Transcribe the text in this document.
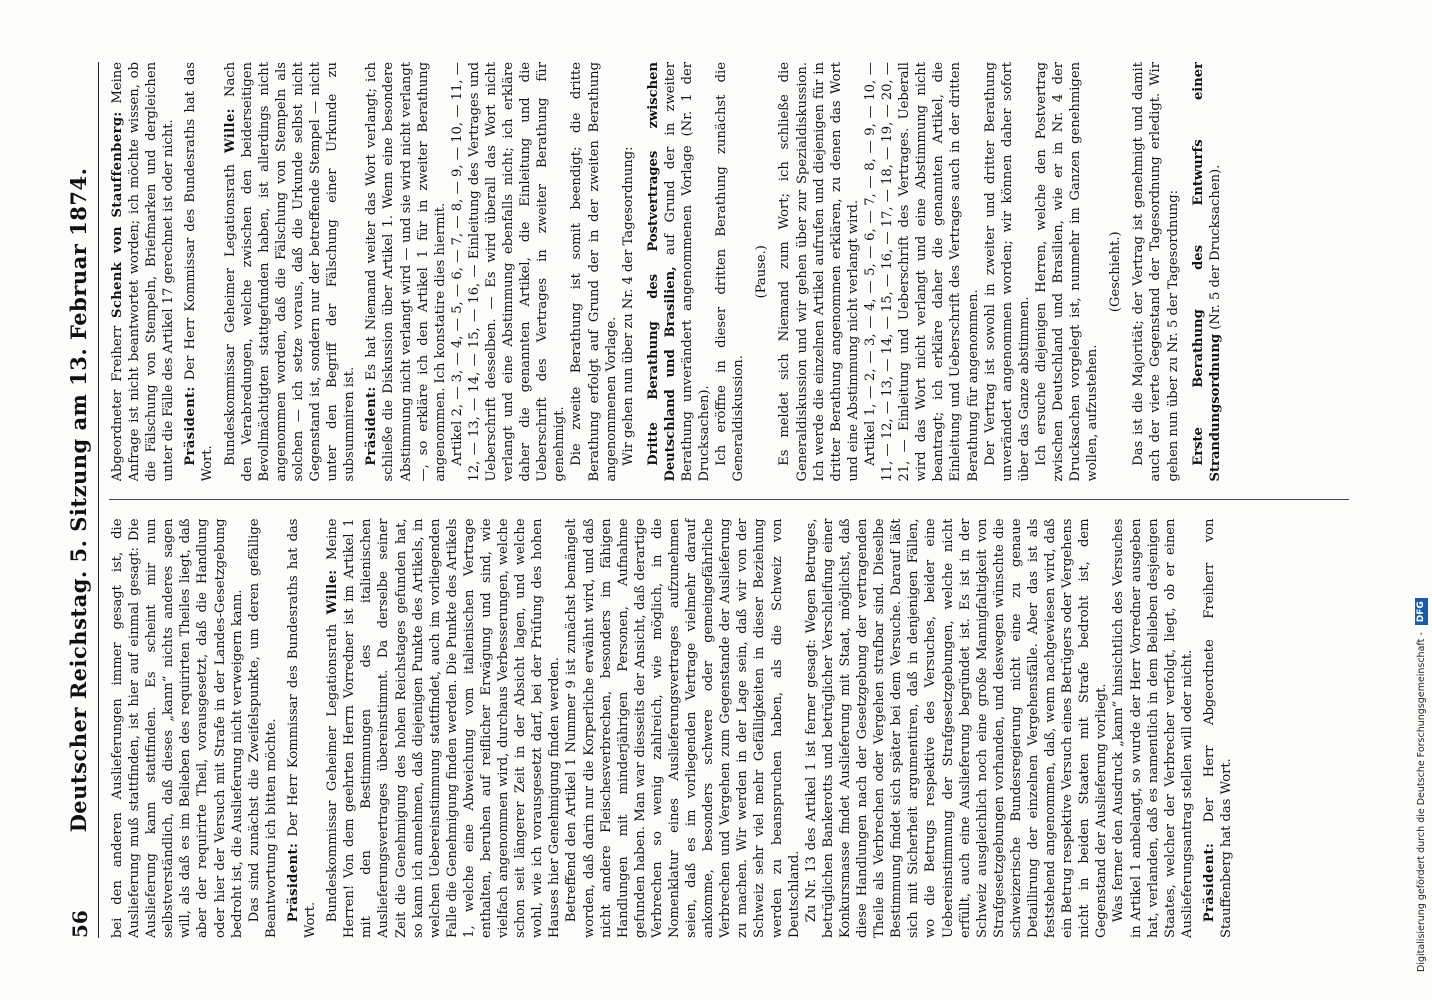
56
Deutscher Reichstag. 5. Sitzung am 13. Februar 1874. bei den anderen Auslieferungen immer gesagt ist, die Auslieferung muß stattfinden, ist hier auf einmal gesagt: Die Auslieferung kann stattfinden. Es scheint mir nun selbstverständlich, daß dieses „kann“ nichts anderes sagen will, als daß es im Belieben des requirirten Theiles liegt, daß aber der requirirte Theil, vorausgesetzt, daß die Handlung oder hier der Versuch mit Strafe in der Landes-Gesetzgebung bedroht ist, die Auslieferung nicht verweigern kann. Das sind zunächst die Zweifelspunkte, um deren gefällige Beantwortung ich bitten möchte. Präsident: Der Herr Kommissar des Bundesraths hat das Wort. Bundeskommissar Geheimer Legationsrath Wille: Meine Herren! Von dem geehrten Herrn Vorredner ist im Artikel 1 mit den Bestimmungen des italienischen Auslieferungsvertrages übereinstimmt. Da derselbe seiner Zeit die Genehmigung des hohen Reichstages gefunden hat, so kann ich annehmen, daß diejenigen Punkte des Artikels, in welchen Uebereinstimmung stattfindet, auch im vorliegenden Falle die Genehmigung finden werden. Die Punkte des Artikels 1, welche eine Abweichung vom italienischen Vertrage enthalten, beruhen auf reiflicher Erwägung und sind, wie vielfach angenommen wird, durchaus Verbesserungen, welche schon seit längerer Zeit in der Absicht lagen, und welche wohl, wie ich vorausgesetzt darf, bei der Prüfung des hohen Hauses hier Genehmigung finden werden. Betreffend den Artikel 1 Nummer 9 ist zunächst bemängelt worden, daß darin nur die Korperliche erwähnt wird, und daß nicht andere Fleischesverbrechen, besonders im fähigen Handlungen mit minderjährigen Personen, Aufnahme gefunden haben. Man war diesseits der Ansicht, daß derartige Verbrechen so wenig zahlreich, wie möglich, in die Nomenklatur eines Auslieferungsvertrages aufzunehmen seien, daß es im vorliegenden Vertrage vielmehr darauf ankomme, besonders schwere oder gemeingefährliche Verbrechen und Vergehen zum Gegenstande der Auslieferung zu machen. Wir werden in der Lage sein, daß wir von der Schweiz sehr viel mehr Gefälligkeiten in dieser Beziehung werden zu beanspruchen haben, als die Schweiz von Deutschland. Zu Nr. 13 des Artikel 1 ist ferner gesagt: Wegen Betruges, betrüglichen Bankerotts und betrüglicher Verschleifung einer Konkursmasse findet Auslieferung mit Staat, möglichst, daß diese Handlungen nach der Gesetzgebung der vertragenden Theile als Verbrechen oder Vergehen strafbar sind. Dieselbe Bestimmung findet sich später bei dem Versuche. Darauf läßt sich mit Sicherheit argumentiren, daß in denjenigen Fällen, wo die Betrugs respektive des Versuches, beider eine Uebereinstimmung der Strafgesetzgebungen, welche nicht erfüllt, auch eine Auslieferung begründet ist. Es ist in der Schweiz ausgleichlich noch eine große Mannigfaltigkeit von Strafgesetzgebungen vorhanden, und deswegen wünschte die schweizerische Bundesregierung nicht eine zu genaue Detaillirung der einzelnen Vergehensfälle. Aber das ist als feststehend angenommen, daß, wenn nachgewiesen wird, daß ein Betrug respektive Versuch eines Betrügers oder Vergehens nicht in beiden Staaten mit Strafe bedroht ist, dem Gegenstand der Auslieferung vorliegt. Was ferner den Ausdruck „kann“ hinsichtlich des Versuches in Artikel 1 anbelangt, so wurde der Herr Vorredner ausgeben hat, verlanden, daß es namentlich in dem Belieben desjenigen Staates, welcher der Verbrecher verfolgt, liegt, ob er einen Auslieferungsantrag stellen will oder nicht. Präsident: Der Herr Abgeordnete Freiherr von Stauffenberg hat das Wort.

Abgeordneter Freiherr Schenk von Stauffenberg: Meine Anfrage ist nicht beantwortet worden; ich möchte wissen, ob die Fälschung von Stempeln, Briefmarken und dergleichen unter die Fälle des Artikel 17 gerechnet ist oder nicht. Präsident: Der Herr Kommissar des Bundesraths hat das Wort. Bundeskommissar Geheimer Legationsrath Wille: Nach den Verabredungen, welche zwischen den beiderseitigen Bevollmächtigten stattgefunden haben, ist allerdings nicht angenommen worden, daß die Fälschung von Stempeln als solchen — ich setze voraus, daß die Urkunde selbst nicht Gegenstand ist, sondern nur der betreffende Stempel — nicht unter den Begriff der Fälschung einer Urkunde zu subsummiren ist. Präsident: Es hat Niemand weiter das Wort verlangt; ich schließe die Diskussion über Artikel 1. Wenn eine besondere Abstimmung nicht verlangt wird — und sie wird nicht verlangt —, so erkläre ich den Artikel 1 für in zweiter Berathung angenommen. Ich konstatire dies hiermit. Artikel 2, — 3, — 4, — 5, — 6, — 7, — 8, — 9, — 10, — 11, — 12, — 13, — 14, — 15, — 16, — Einleitung des Vertrages und Ueberschrift desselben. — Es wird überall das Wort nicht verlangt und eine Abstimmung ebenfalls nicht; ich erkläre daher die genannten Artikel, die Einleitung und die Ueberschrift des Vertrages in zweiter Berathung für genehmigt. Die zweite Berathung ist somit beendigt; die dritte Berathung erfolgt auf Grund der in der zweiten Berathung angenommenen Vorlage. Wir gehen nun über zu Nr. 4 der Tagesordnung: Dritte Berathung des Postvertrages zwischen Deutschland und Brasilien, auf Grund der in zweiter Berathung unverändert angenommenen Vorlage (Nr. 1 der Drucksachen). Ich eröffne in dieser dritten Berathung zunächst die Generaldiskussion.

(Pause.) Es meldet sich Niemand zum Wort; ich schließe die Generaldiskussion und wir gehen über zur Spezialdiskussion. Ich werde die einzelnen Artikel aufrufen und diejenigen für in dritter Berathung angenommen erklären, zu denen das Wort und eine Abstimmung nicht verlangt wird. Artikel 1, — 2, — 3, — 4, — 5, — 6, — 7, — 8, — 9, — 10, — 11, — 12, — 13, — 14, — 15, — 16, — 17, — 18, — 19, — 20, — 21, — Einleitung und Ueberschrift des Vertrages. Ueberall wird das Wort nicht verlangt und eine Abstimmung nicht beantragt; ich erkläre daher die genannten Artikel, die Einleitung und Ueberschrift des Vertrages auch in der dritten Berathung für angenommen. Der Vertrag ist sowohl in zweiter und dritter Berathung unverändert angenommen worden; wir können daher sofort über das Ganze abstimmen. Ich ersuche diejenigen Herren, welche den Postvertrag zwischen Deutschland und Brasilien, wie er in Nr. 4 der Drucksachen vorgelegt ist, nunmehr im Ganzen genehmigen wollen, aufzustehen.

(Geschieht.) Das ist die Majorität; der Vertrag ist genehmigt und damit auch der vierte Gegenstand der Tagesordnung erledigt. Wir gehen nun über zu Nr. 5 der Tagesordnung: Erste Berathung des Entwurfs einer Strandungsordnung (Nr. 5 der Drucksachen).

Digitalisierung gefördert durch die Deutsche Forschungsgemeinschaft - DFG
